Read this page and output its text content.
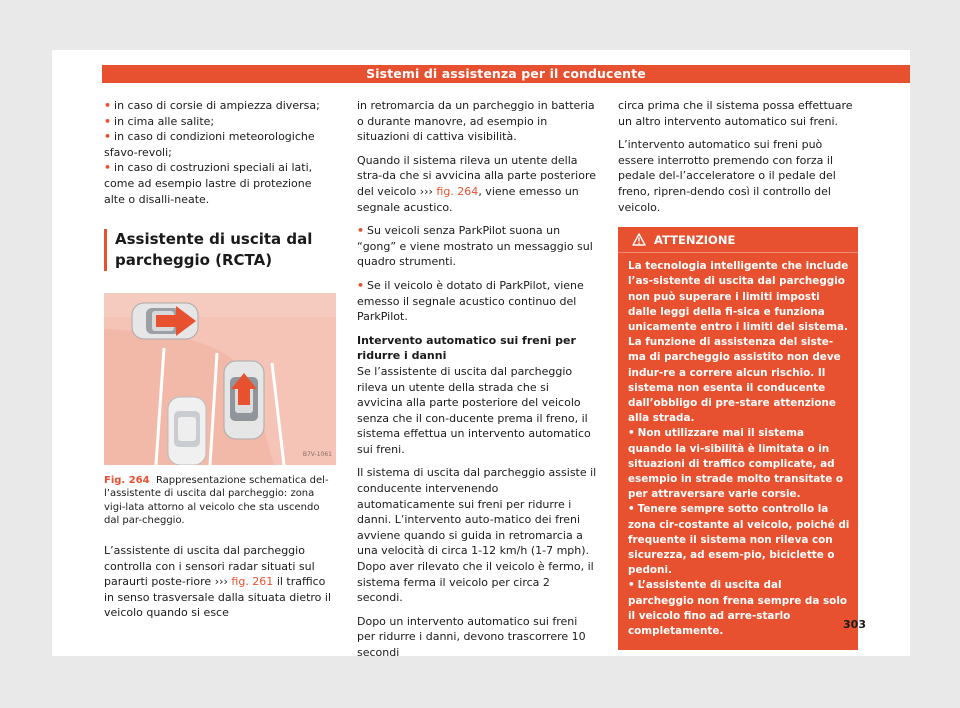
Sistemi di assistenza per il conducente
• in caso di corsie di ampiezza diversa;
• in cima alle salite;
• in caso di condizioni meteorologiche sfavo-revoli;
• in caso di costruzioni speciali ai lati, come ad esempio lastre di protezione alte o disalli-neate.
Assistente di uscita dal parcheggio (RCTA)
B7V-1061
Fig. 264 Rappresentazione schematica del-l’assistente di uscita dal parcheggio: zona vigi-lata attorno al veicolo che sta uscendo dal par-cheggio.
L’assistente di uscita dal parcheggio controlla con i sensori radar situati sul paraurti poste-riore ››› fig. 261 il traffico in senso trasversale dalla situata dietro il veicolo quando si esce
in retromarcia da un parcheggio in batteria o durante manovre, ad esempio in situazioni di cattiva visibilità.
Quando il sistema rileva un utente della stra-da che si avvicina alla parte posteriore del veicolo ››› fig. 264, viene emesso un segnale acustico.
• Su veicoli senza ParkPilot suona un “gong” e viene mostrato un messaggio sul quadro strumenti.
• Se il veicolo è dotato di ParkPilot, viene emesso il segnale acustico continuo del ParkPilot.
Intervento automatico sui freni per ridurre i danni
Se l’assistente di uscita dal parcheggio rileva un utente della strada che si avvicina alla parte posteriore del veicolo senza che il con-ducente prema il freno, il sistema effettua un intervento automatico sui freni.
Il sistema di uscita dal parcheggio assiste il conducente intervenendo automaticamente sui freni per ridurre i danni. L’intervento auto-matico dei freni avviene quando si guida in retromarcia a una velocità di circa 1-12 km/h (1-7 mph). Dopo aver rilevato che il veicolo è fermo, il sistema ferma il veicolo per circa 2 secondi.
Dopo un intervento automatico sui freni per ridurre i danni, devono trascorrere 10 secondi
circa prima che il sistema possa effettuare un altro intervento automatico sui freni.
L’intervento automatico sui freni può essere interrotto premendo con forza il pedale del-l’acceleratore o il pedale del freno, ripren-dendo così il controllo del veicolo.
ATTENZIONE
La tecnologia intelligente che include l’as-sistente di uscita dal parcheggio non può superare i limiti imposti dalle leggi della fi-sica e funziona unicamente entro i limiti del sistema. La funzione di assistenza del siste-ma di parcheggio assistito non deve indur-re a correre alcun rischio. Il sistema non esenta il conducente dall’obbligo di pre-stare attenzione alla strada.
• Non utilizzare mai il sistema quando la vi-sibilità è limitata o in situazioni di traffico complicate, ad esempio in strade molto transitate o per attraversare varie corsie.
• Tenere sempre sotto controllo la zona cir-costante al veicolo, poiché di frequente il sistema non rileva con sicurezza, ad esem-pio, biciclette o pedoni.
• L’assistente di uscita dal parcheggio non frena sempre da solo il veicolo fino ad arre-starlo completamente.
303
